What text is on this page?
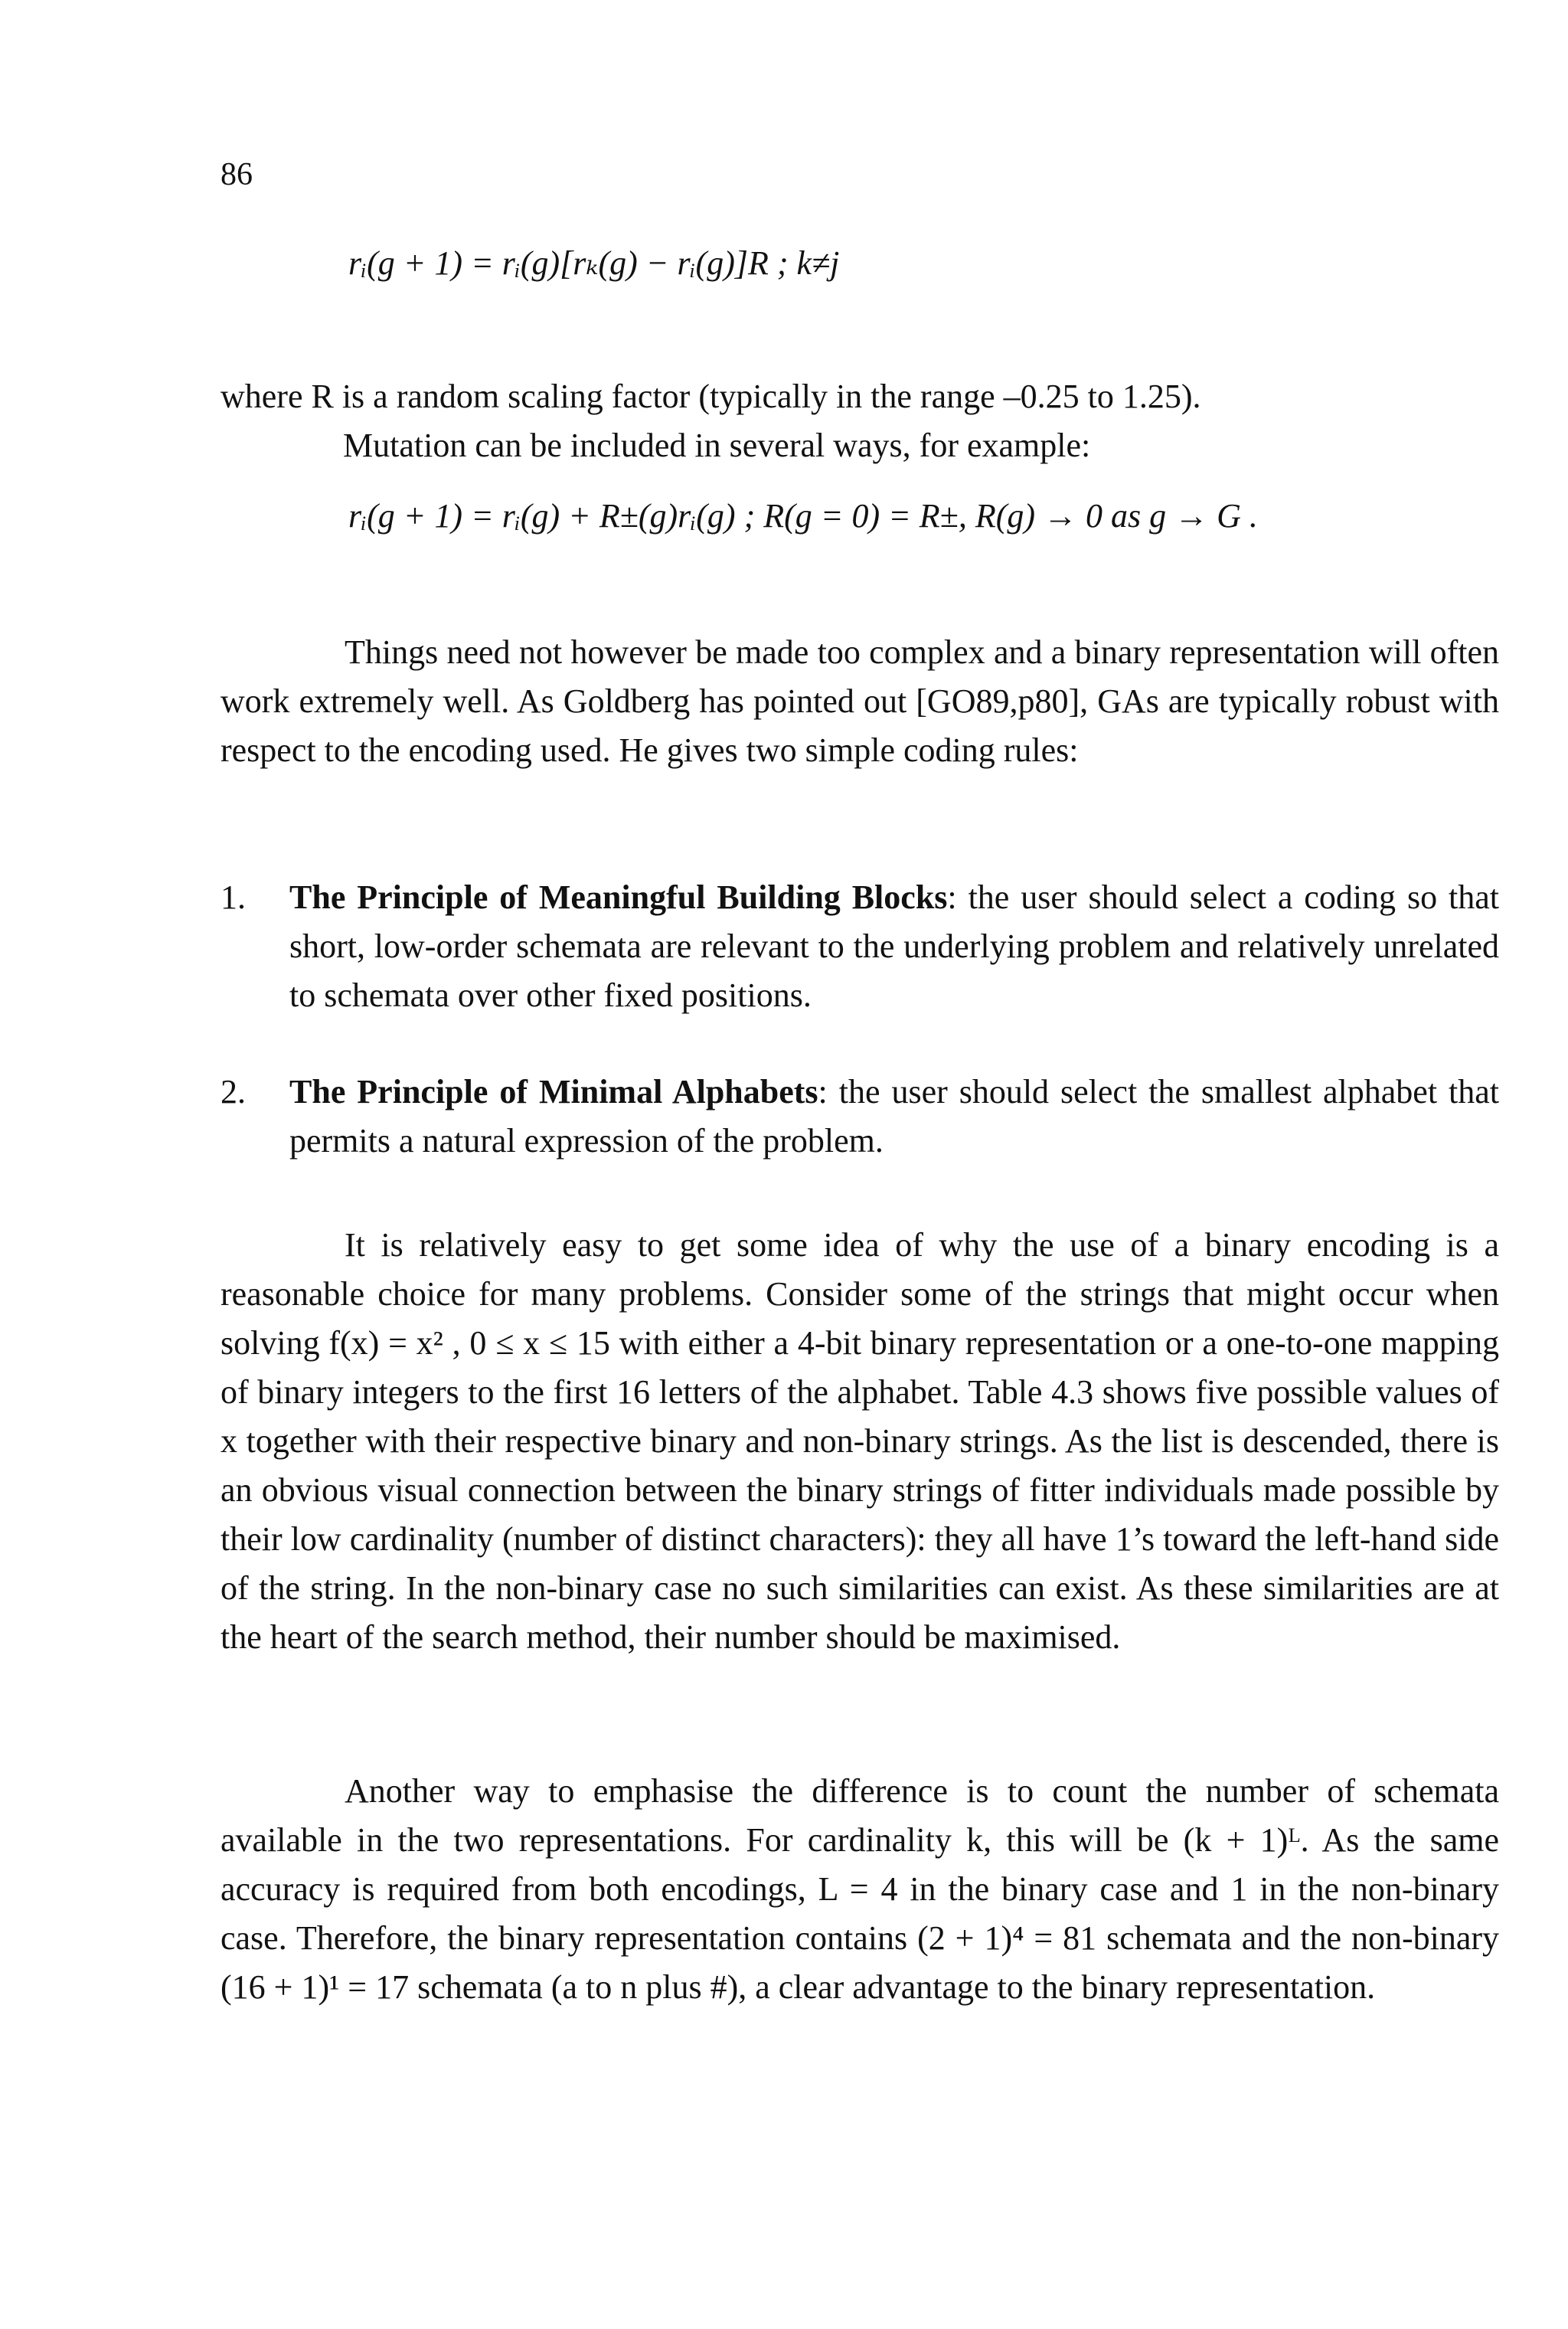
86
rᵢ(g + 1) = rᵢ(g)[rₖ(g) − rᵢ(g)]R ; k≠j
where R is a random scaling factor (typically in the range –0.25 to 1.25).
Mutation can be included in several ways, for example:
rᵢ(g + 1) = rᵢ(g) + R±(g)rᵢ(g) ; R(g = 0) = R±, R(g) → 0 as g → G .
Things need not however be made too complex and a binary representation will often work extremely well. As Goldberg has pointed out [GO89,p80], GAs are typically robust with respect to the encoding used. He gives two simple coding rules:
1. The Principle of Meaningful Building Blocks: the user should select a coding so that short, low-order schemata are relevant to the underlying problem and relatively unrelated to schemata over other fixed positions.
2. The Principle of Minimal Alphabets: the user should select the smallest alphabet that permits a natural expression of the problem.
It is relatively easy to get some idea of why the use of a binary encoding is a reasonable choice for many problems. Consider some of the strings that might occur when solving f(x) = x² , 0 ≤ x ≤ 15 with either a 4-bit binary representation or a one-to-one mapping of binary integers to the first 16 letters of the alphabet. Table 4.3 shows five possible values of x together with their respective binary and non-binary strings. As the list is descended, there is an obvious visual connection between the binary strings of fitter individuals made possible by their low cardinality (number of distinct characters): they all have 1’s toward the left-hand side of the string. In the non-binary case no such similarities can exist. As these similarities are at the heart of the search method, their number should be maximised.
Another way to emphasise the difference is to count the number of schemata available in the two representations. For cardinality k, this will be (k + 1)ᴸ. As the same accuracy is required from both encodings, L = 4 in the binary case and 1 in the non-binary case. Therefore, the binary representation contains (2 + 1)⁴ = 81 schemata and the non-binary (16 + 1)¹ = 17 schemata (a to n plus #), a clear advantage to the binary representation.
